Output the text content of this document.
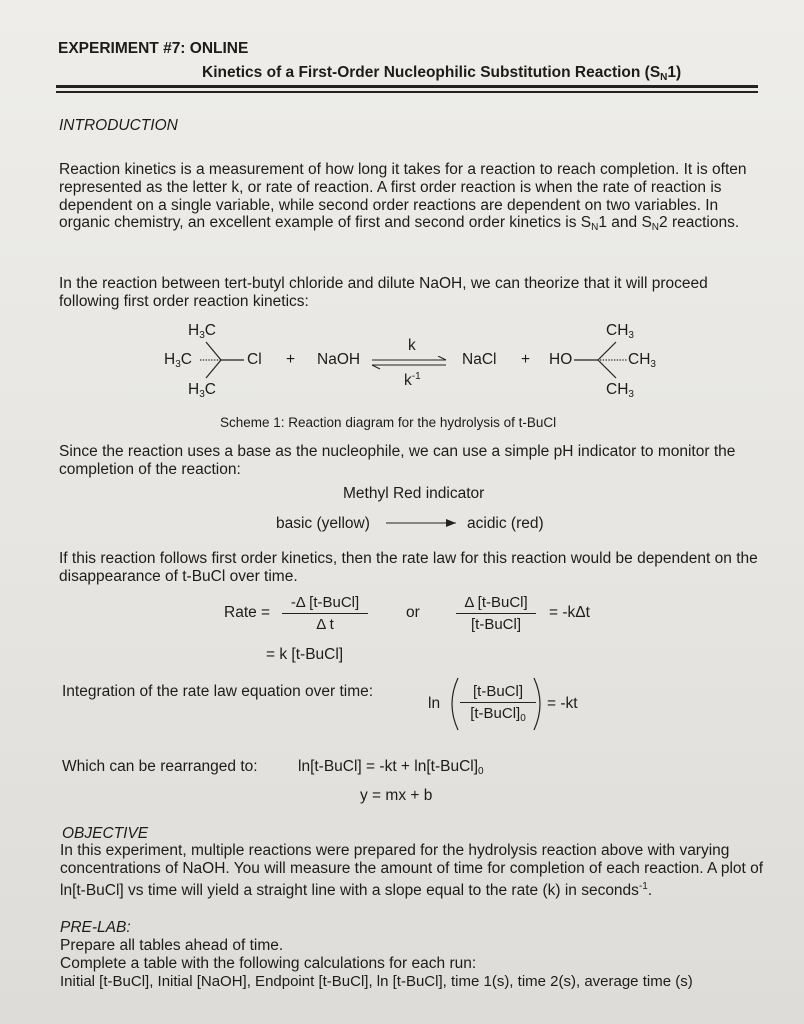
EXPERIMENT #7: ONLINE
Kinetics of a First-Order Nucleophilic Substitution Reaction $(S_N1)$
INTRODUCTION
Reaction kinetics is a measurement of how long it takes for a reaction to reach completion. It is often represented as the letter k, or rate of reaction. A first order reaction is when the rate of reaction is dependent on a single variable, while second order reactions are dependent on two variables. In organic chemistry, an excellent example of first and second order kinetics is $S_N1$ and $S_N2$ reactions.
In the reaction between tert-butyl chloride and dilute NaOH, we can theorize that it will proceed following first order reaction kinetics:
$H_3C$
$H_3C$	Cl
$H_3C$
+ NaOH
k
$k^{-1}$
NaCl + HO
$CH_3$
$CH_3$
$CH_3$
Scheme 1: Reaction diagram for the hydrolysis of t-BuCl
Since the reaction uses a base as the nucleophile, we can use a simple pH indicator to monitor the completion of the reaction:
Methyl Red indicator
basic (yellow)	acidic (red)
If this reaction follows first order kinetics, then the rate law for this reaction would be dependent on the disappearance of t-BuCl over time.
Rate =
-Δ [t-BuCl]
Δ t
or
Δ [t-BuCl]
[t-BuCl]
= -kΔt
= k [t-BuCl]
Integration of the rate law equation over time:
ln
[t-BuCl]
$[t-BuCl]_0$
= -kt
Which can be rearranged to:	ln[t-BuCl] = $-kt + \ln[t-BuCl]_0$
y = mx + b
OBJECTIVE
In this experiment, multiple reactions were prepared for the hydrolysis reaction above with varying concentrations of NaOH. You will measure the amount of time for completion of each reaction. A plot of ln[t-BuCl] vs time will yield a straight line with a slope equal to the rate (k) in seconds$^{-1}$.
PRE-LAB:
Prepare all tables ahead of time.
Complete a table with the following calculations for each run:
Initial [t-BuCl], Initial [NaOH], Endpoint [t-BuCl], ln [t-BuCl], time 1(s), time 2(s), average time (s)
